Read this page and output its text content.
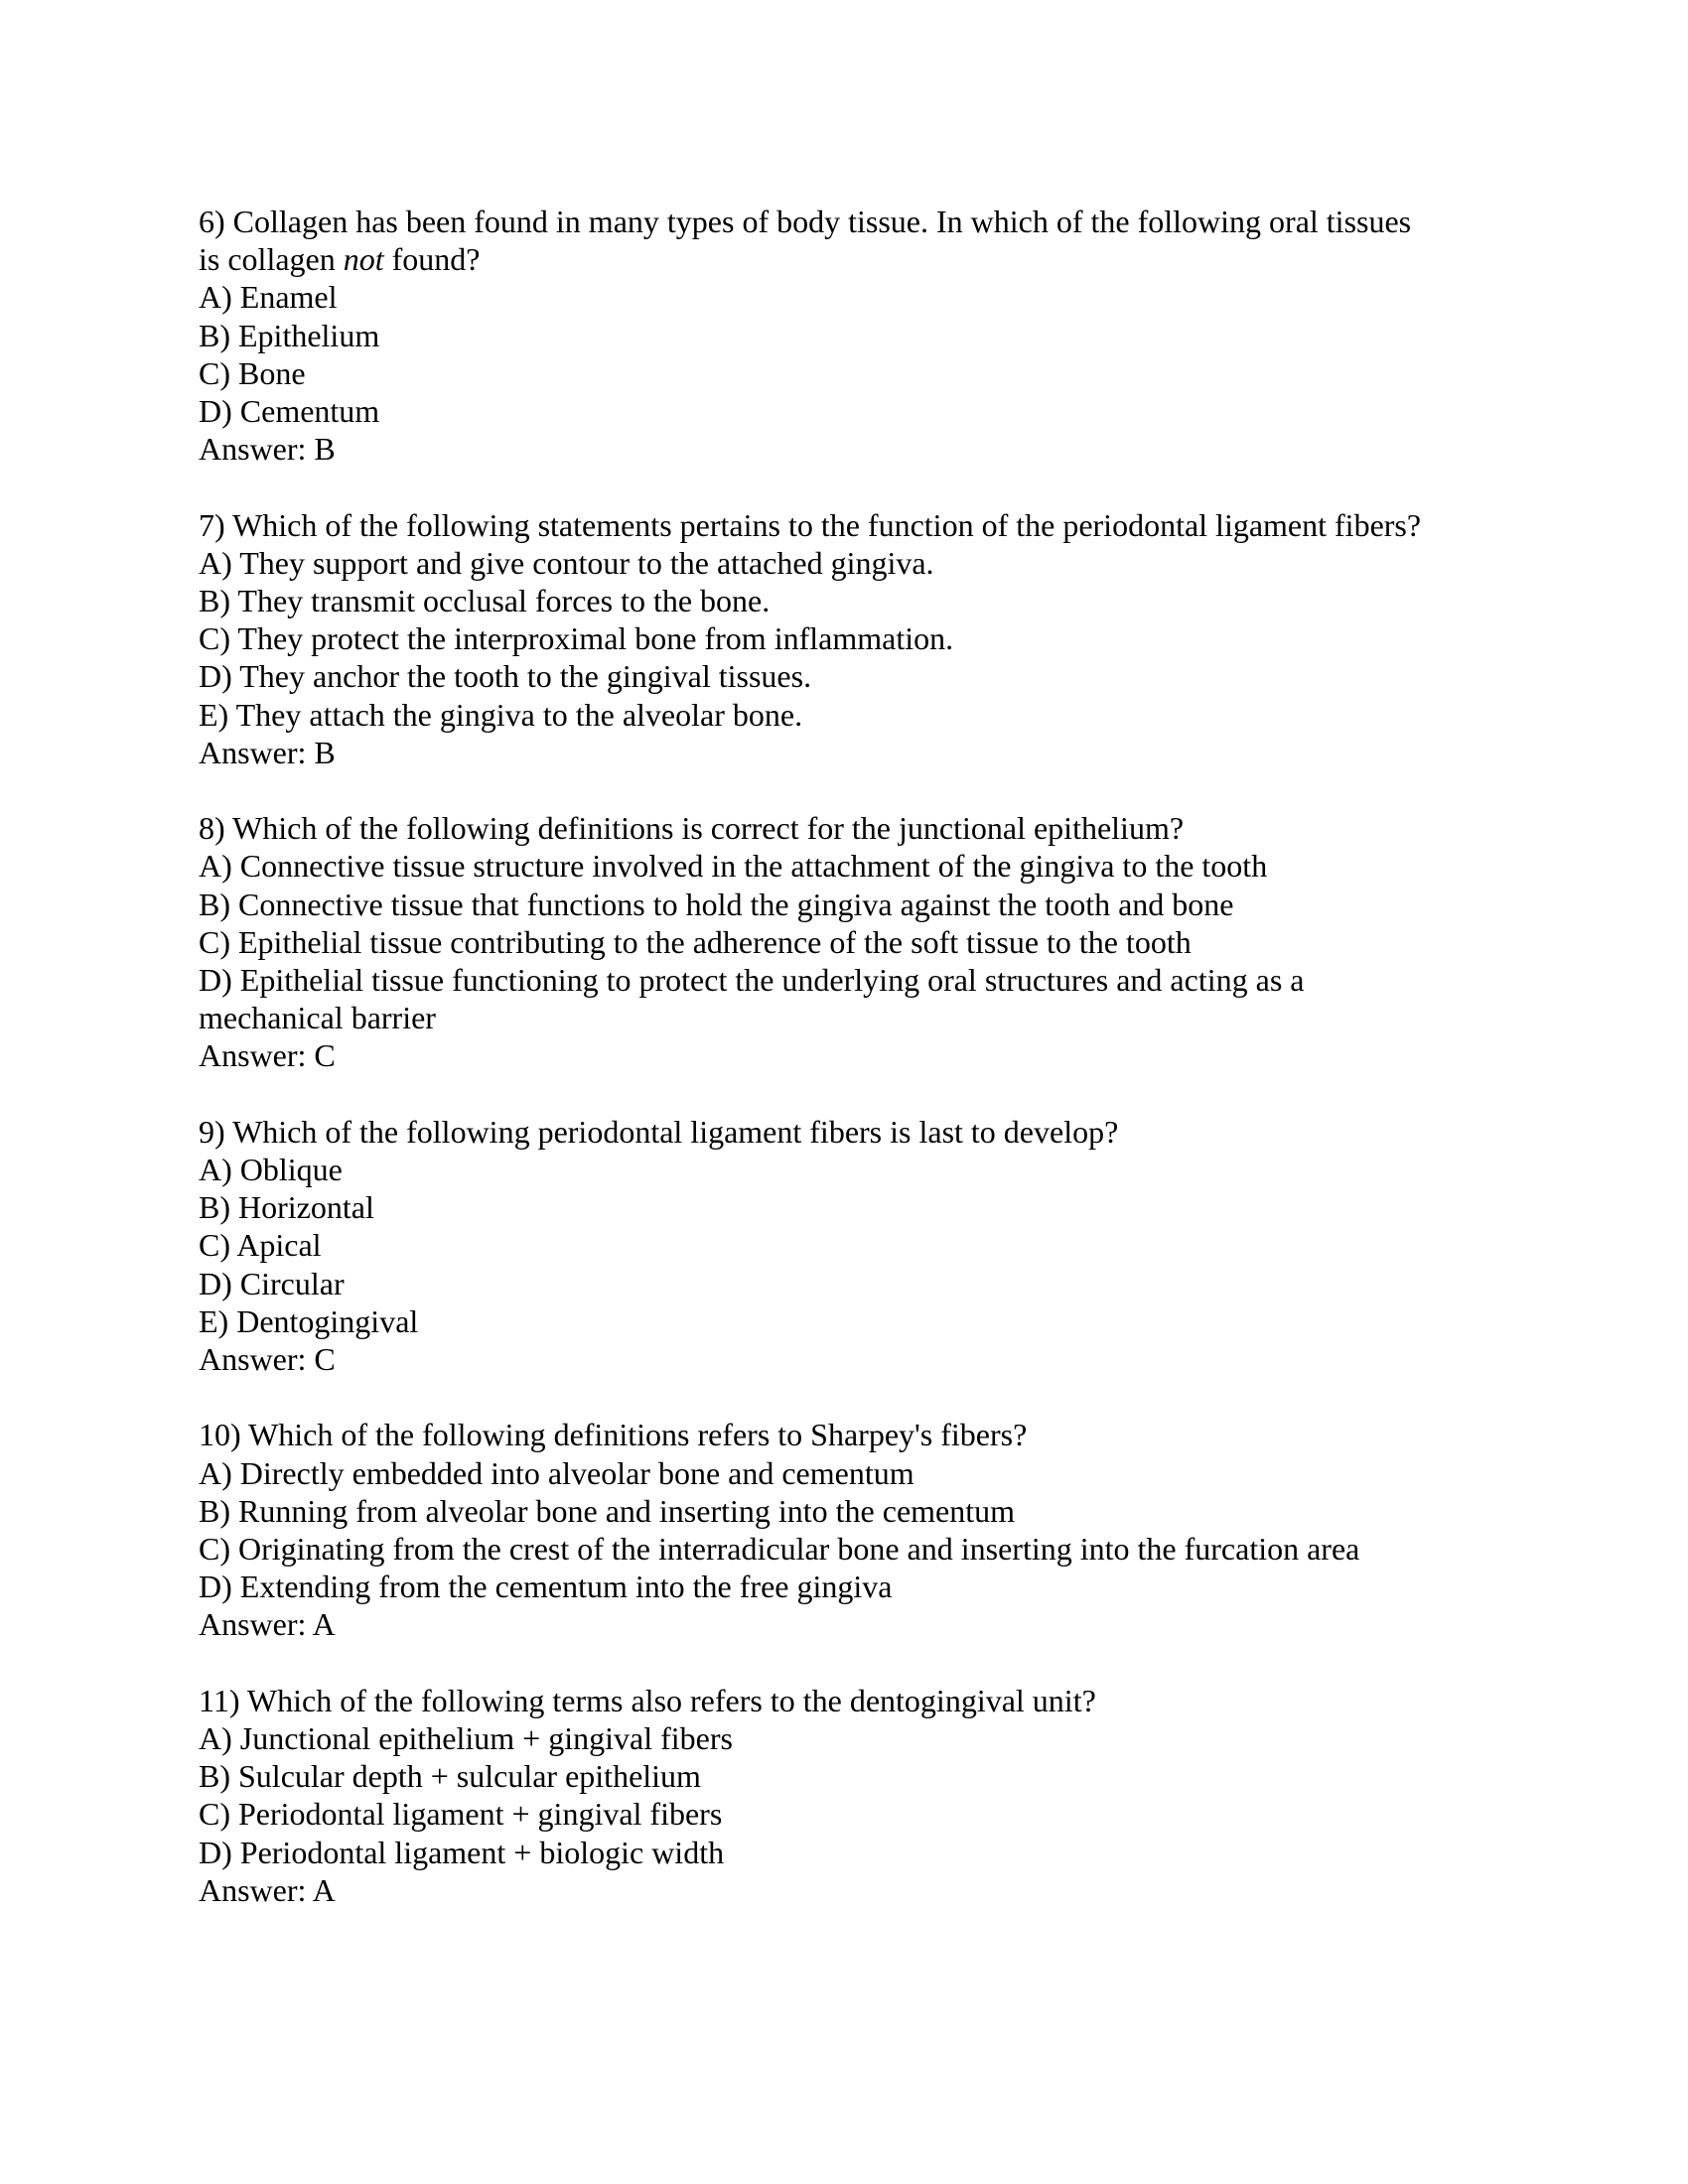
6) Collagen has been found in many types of body tissue. In which of the following oral tissues
is collagen not found?
A) Enamel
B) Epithelium
C) Bone
D) Cementum
Answer: B
7) Which of the following statements pertains to the function of the periodontal ligament fibers?
A) They support and give contour to the attached gingiva.
B) They transmit occlusal forces to the bone.
C) They protect the interproximal bone from inflammation.
D) They anchor the tooth to the gingival tissues.
E) They attach the gingiva to the alveolar bone.
Answer: B
8) Which of the following definitions is correct for the junctional epithelium?
A) Connective tissue structure involved in the attachment of the gingiva to the tooth
B) Connective tissue that functions to hold the gingiva against the tooth and bone
C) Epithelial tissue contributing to the adherence of the soft tissue to the tooth
D) Epithelial tissue functioning to protect the underlying oral structures and acting as a
mechanical barrier
Answer: C
9) Which of the following periodontal ligament fibers is last to develop?
A) Oblique
B) Horizontal
C) Apical
D) Circular
E) Dentogingival
Answer: C
10) Which of the following definitions refers to Sharpey's fibers?
A) Directly embedded into alveolar bone and cementum
B) Running from alveolar bone and inserting into the cementum
C) Originating from the crest of the interradicular bone and inserting into the furcation area
D) Extending from the cementum into the free gingiva
Answer: A
11) Which of the following terms also refers to the dentogingival unit?
A) Junctional epithelium + gingival fibers
B) Sulcular depth + sulcular epithelium
C) Periodontal ligament + gingival fibers
D) Periodontal ligament + biologic width
Answer: A
